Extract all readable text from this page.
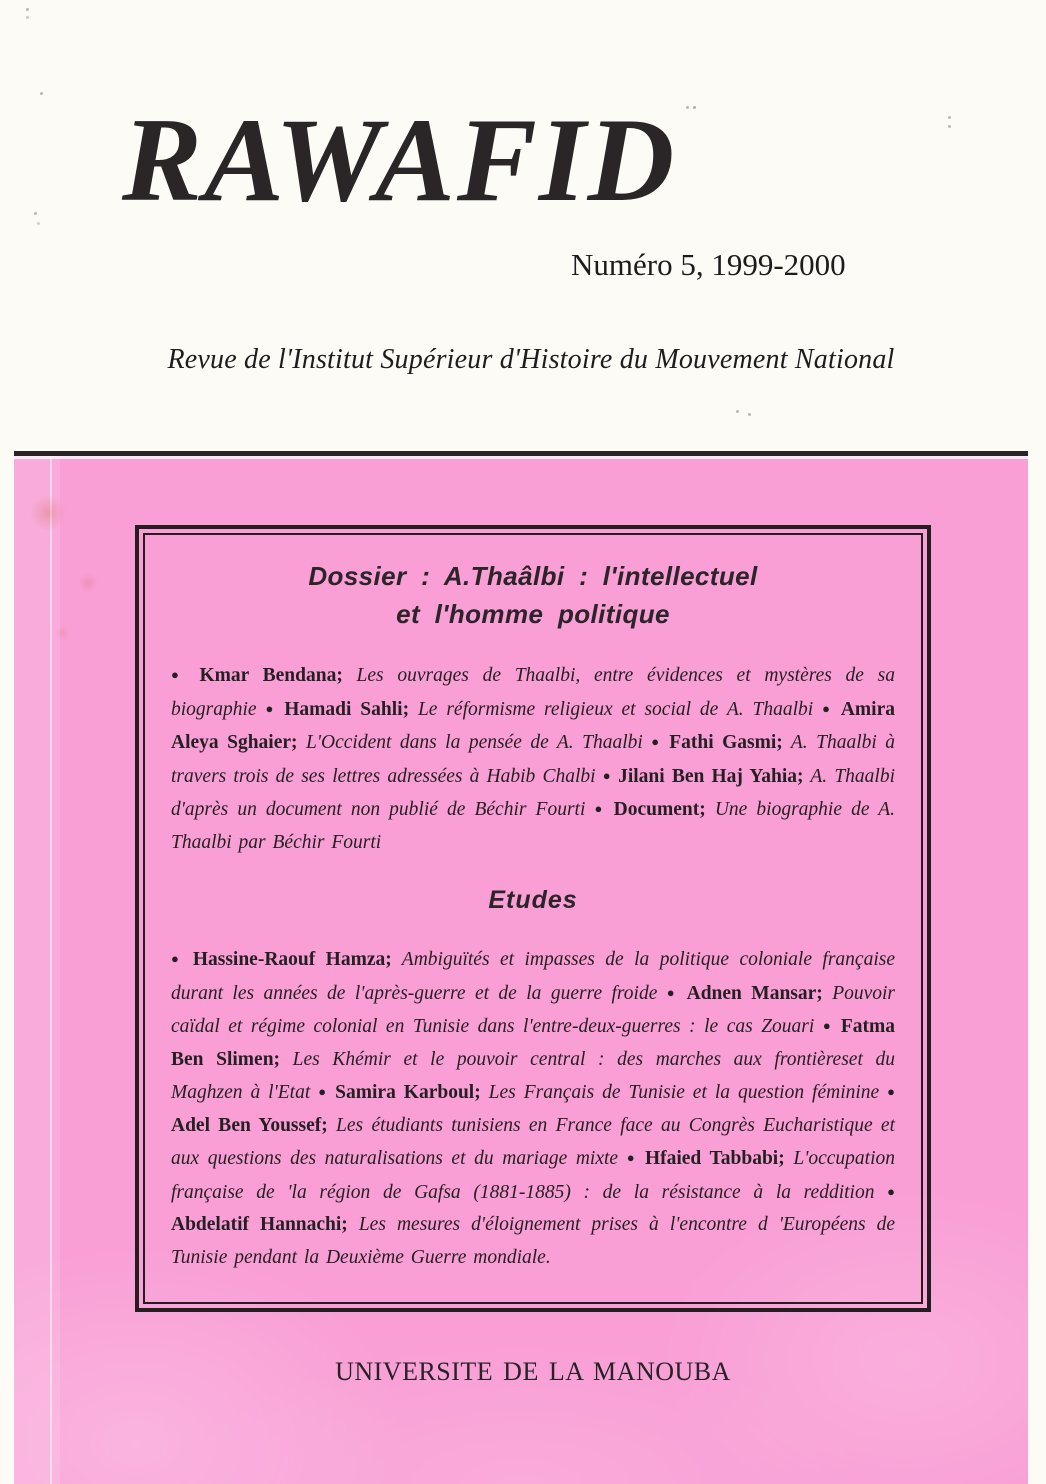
RAWAFID
Numéro 5, 1999-2000
Revue de l'Institut Supérieur d'Histoire du Mouvement National
Dossier : A.Thaâlbi : l'intellectuel
et l'homme politique

● Kmar Bendana; Les ouvrages de Thaalbi, entre évidences et mystères de sa biographie ● Hamadi Sahli; Le réformisme religieux et social de A. Thaalbi ● Amira Aleya Sghaier; L'Occident dans la pensée de A. Thaalbi ● Fathi Gasmi; A. Thaalbi à travers trois de ses lettres adressées à Habib Chalbi ● Jilani Ben Haj Yahia; A. Thaalbi d'après un document non publié de Béchir Fourti ● Document; Une biographie de A. Thaalbi par Béchir Fourti

Etudes

● Hassine-Raouf Hamza; Ambiguïtés et impasses de la politique coloniale française durant les années de l'après-guerre et de la guerre froide ● Adnen Mansar; Pouvoir caïdal et régime colonial en Tunisie dans l'entre-deux-guerres : le cas Zouari ● Fatma Ben Slimen; Les Khémir et le pouvoir central : des marches aux frontièreset du Maghzen à l'Etat ● Samira Karboul; Les Français de Tunisie et la question féminine ● Adel Ben Youssef; Les étudiants tunisiens en France face au Congrès Eucharistique et aux questions des naturalisations et du mariage mixte ● Hfaied Tabbabi; L'occupation française de 'la région de Gafsa (1881-1885) : de la résistance à la reddition ● Abdelatif Hannachi; Les mesures d'éloignement prises à l'encontre d 'Européens de Tunisie pendant la Deuxième Guerre mondiale.

UNIVERSITE DE LA MANOUBA
